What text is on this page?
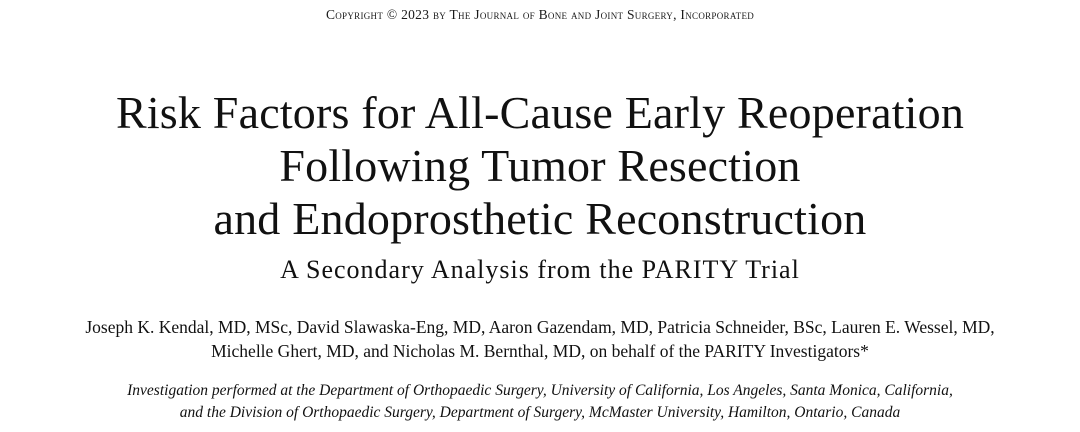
Copyright © 2023 by The Journal of Bone and Joint Surgery, Incorporated
Risk Factors for All-Cause Early Reoperation
Following Tumor Resection
and Endoprosthetic Reconstruction
A Secondary Analysis from the PARITY Trial
Joseph K. Kendal, MD, MSc, David Slawaska-Eng, MD, Aaron Gazendam, MD, Patricia Schneider, BSc, Lauren E. Wessel, MD,
Michelle Ghert, MD, and Nicholas M. Bernthal, MD, on behalf of the PARITY Investigators*
Investigation performed at the Department of Orthopaedic Surgery, University of California, Los Angeles, Santa Monica, California,
and the Division of Orthopaedic Surgery, Department of Surgery, McMaster University, Hamilton, Ontario, Canada
